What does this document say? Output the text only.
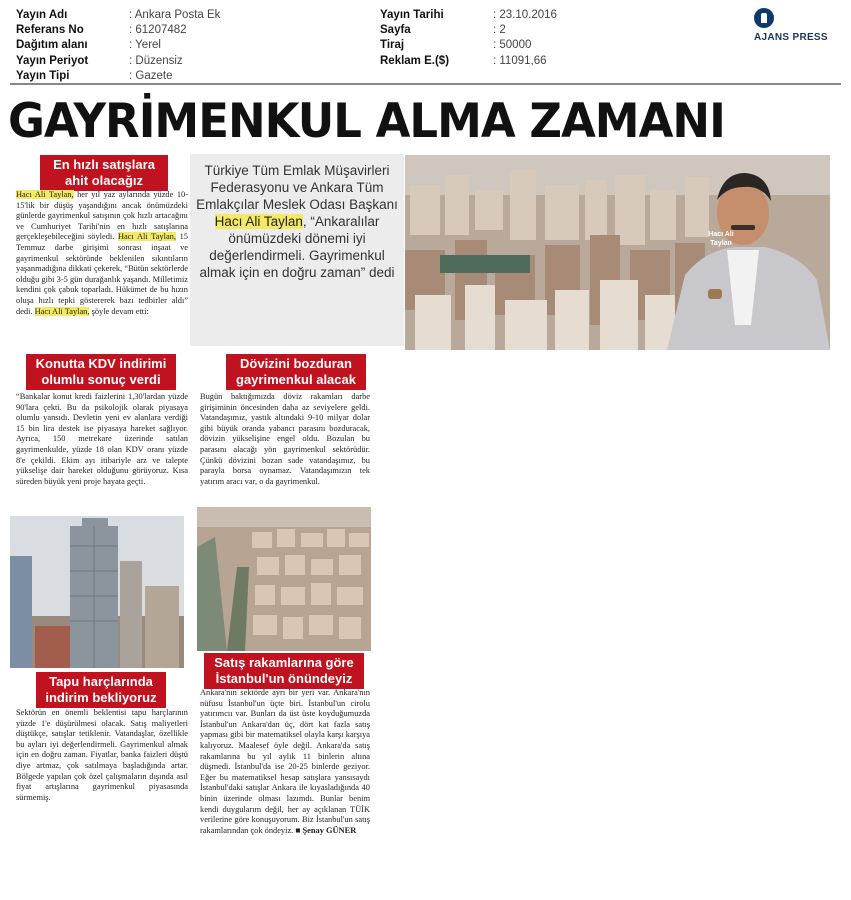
Yayın Adı	: Ankara Posta Ek
Referans No	: 61207482
Dağıtım alanı	: Yerel
Yayın Periyot	: Düzensiz
Yayın Tipi	: Gazete
Yayın Tarihi	: 23.10.2016
Sayfa	: 2
Tiraj	: 50000
Reklam E.($)	: 11091,66
AJANS PRESS
GAYRİMENKUL ALMA ZAMANI
En hızlı satışlara
ahit olacağız
Hacı Ali Taylan, her yıl yaz aylarında yüzde 10-15'lik bir düşüş yaşandığını ancak önümüzdeki günlerde gayrimenkul satışının çok hızlı artacağını ve Cumhuriyet Tarihi'nin en hızlı satışlarına gerçekleşebileceğini söyledi. Hacı Ali Taylan, 15 Temmuz darbe girişimi sonrası inşaat ve gayrimenkul sektöründe beklenilen sıkıntıların yaşanmadığına dikkati çekerek, “Bütün sektörlerde olduğu gibi 3-5 gün durağanlık yaşandı. Milletimiz kendini çok çabuk toparladı. Hükümet de bu hızın oluşa hızlı tepki göstererek bazı tedbirler aldı” dedi. Hacı Ali Taylan, şöyle devam etti:
Türkiye Tüm Emlak Müşavirleri Federasyonu ve Ankara Tüm Emlakçılar Meslek Odası Başkanı Hacı Ali Taylan, “Ankaralılar önümüzdeki dönemi iyi değerlendirmeli. Gayrimenkul almak için en doğru zaman” dedi
Hacı Ali
Taylan
Konutta KDV indirimi
olumlu sonuç verdi
“Bankalar konut kredi faizlerini 1,30'lardan yüzde 90'lara çekti. Bu da psikolojik olarak piyasaya olumlu yansıdı. Devletin yeni ev alanlara verdiği 15 bin lira destek ise piyasaya hareket sağlıyor. Ayrıca, 150 metrekare üzerinde satılan gayrimenkulde, yüzde 18 olan KDV oranı yüzde 8'e çekildi. Ekim ayı itibariyle arz ve talepte yükselişe dair hareket olduğunu görüyoruz. Kısa süreden büyük yeni proje hayata geçti.
Dövizini bozduran
gayrimenkul alacak
Bugün baktığımızda döviz rakamları darbe girişiminin öncesinden daha az seviyelere geldi. Vatandaşımız, yastık altındaki 9-10 milyar dolar gibi büyük oranda yabancı parasını bozduracak, dövizin yükselişine engel oldu. Bozulan bu parasını alacağı yön gayrimenkul sektörüdür. Çünkü dövizini bozan sade vatandaşımız, bu parayla borsa oynamaz. Vatandaşımızın tek yatırım aracı var, o da gayrimenkul.
Tapu harçlarında
indirim bekliyoruz
Sektörün en önemli beklentisi tapu harçlarının yüzde 1'e düşürülmesi olacak. Satış maliyetleri düştükçe, satışlar tetiklenir. Vatandaşlar, özellikle bu ayları iyi değerlendirmeli. Gayrimenkul almak için en doğru zaman. Fiyatlar, banka faizleri düştü diye artmaz, çok satılmaya başladığında artar. Bölgede yapılan çok özel çalışmaların dışında asıl fiyat artışlarına gayrimenkul piyasasında sürmemiş.
Satış rakamlarına göre
İstanbul'un önündeyiz
Ankara'nın sektörde ayrı bir yeri var. Ankara'nın nüfusu İstanbul'un üçte biri. İstanbul'un cirolu yatırımcıı var. Bunları da üst üste koyduğumuzda İstanbul'un Ankara'dan üç, dört kat fazla satış yapması gibi bir matematiksel olayla karşı karşıya kalıyoruz. Maalesef öyle değil. Ankara'da satış rakamlarına bu yıl aylık 11 binlerin altına düşmedi. İstanbul'da ise 20-25 binlerde geziyor. Eğer bu matematiksel hesap satışlara yansısaydı İstanbul'daki satışlar Ankara ile kıyasladığında 40 binin üzerinde olması lazımdı. Bunlar benim kendi duygularım değil, her ay açıklanan TÜİK verilerine göre konuşuyorum. Biz İstanbul'un satış rakamlarından çok öndeyiz. ■ Şenay GÜNER
